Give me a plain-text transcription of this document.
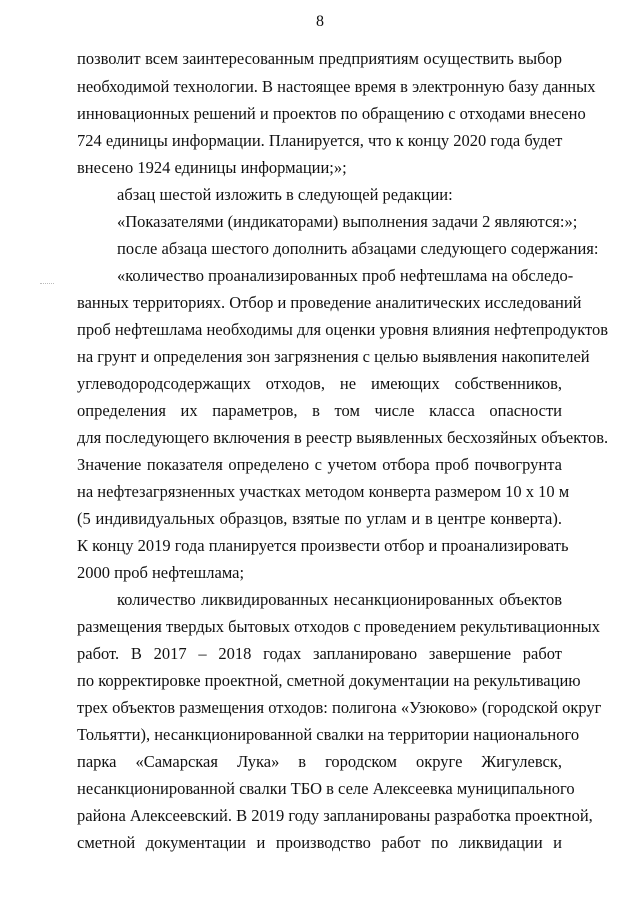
8
позволит всем заинтересованным предприятиям осуществить выбор
необходимой технологии. В настоящее время в электронную базу данных
инновационных решений и проектов по обращению с отходами внесено
724 единицы информации. Планируется, что к концу 2020 года будет
внесено 1924 единицы информации;»;
абзац шестой изложить в следующей редакции:
«Показателями (индикаторами) выполнения задачи 2 являются:»;
после абзаца шестого дополнить абзацами следующего содержания:
«количество проанализированных проб нефтешлама на обследо-
ванных территориях. Отбор и проведение аналитических исследований
проб нефтешлама необходимы для оценки уровня влияния нефтепродуктов
на грунт и определения зон загрязнения с целью выявления накопителей
углеводородсодержащих отходов, не имеющих собственников,
определения их параметров, в том числе класса опасности
для последующего включения в реестр выявленных бесхозяйных объектов.
Значение показателя определено с учетом отбора проб почвогрунта
на нефтезагрязненных участках методом конверта размером 10 х 10 м
(5 индивидуальных образцов, взятые по углам и в центре конверта).
К концу 2019 года планируется произвести отбор и проанализировать
2000 проб нефтешлама;
количество ликвидированных несанкционированных объектов
размещения твердых бытовых отходов с проведением рекультивационных
работ. В 2017 – 2018 годах запланировано завершение работ
по корректировке проектной, сметной документации на рекультивацию
трех объектов размещения отходов: полигона «Узюково» (городской округ
Тольятти), несанкционированной свалки на территории национального
парка «Самарская Лука» в городском округе Жигулевск,
несанкционированной свалки ТБО в селе Алексеевка муниципального
района Алексеевский. В 2019 году запланированы разработка проектной,
сметной документации и производство работ по ликвидации и
